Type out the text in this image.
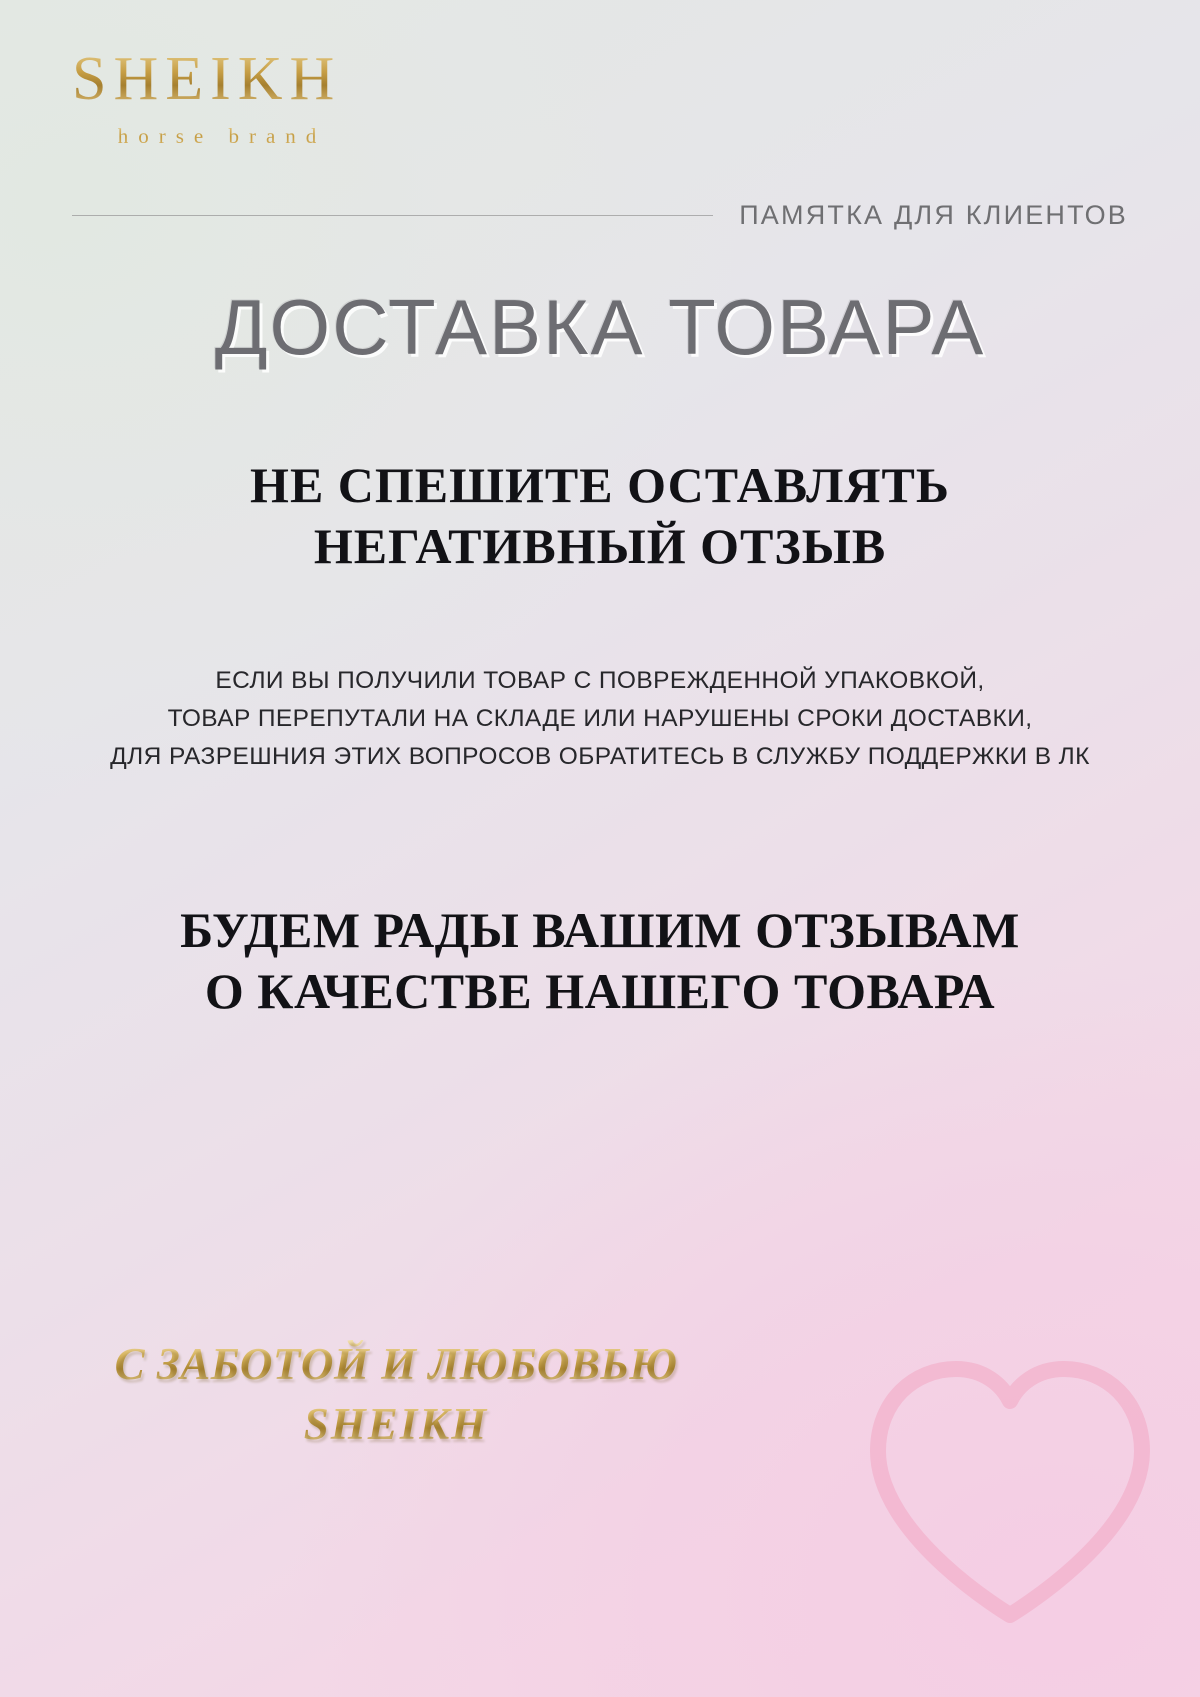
SHEIKH
horse brand
ПАМЯТКА ДЛЯ КЛИЕНТОВ
ДОСТАВКА ТОВАРА
НЕ СПЕШИТЕ ОСТАВЛЯТЬ
НЕГАТИВНЫЙ ОТЗЫВ
ЕСЛИ ВЫ ПОЛУЧИЛИ ТОВАР С ПОВРЕЖДЕННОЙ УПАКОВКОЙ,
ТОВАР ПЕРЕПУТАЛИ НА СКЛАДЕ ИЛИ НАРУШЕНЫ СРОКИ ДОСТАВКИ,
ДЛЯ РАЗРЕШНИЯ ЭТИХ ВОПРОСОВ ОБРАТИТЕСЬ В СЛУЖБУ ПОДДЕРЖКИ В ЛК
БУДЕМ РАДЫ ВАШИМ ОТЗЫВАМ
О КАЧЕСТВЕ НАШЕГО ТОВАРА
С ЗАБОТОЙ И ЛЮБОВЬЮ
SHEIKH
